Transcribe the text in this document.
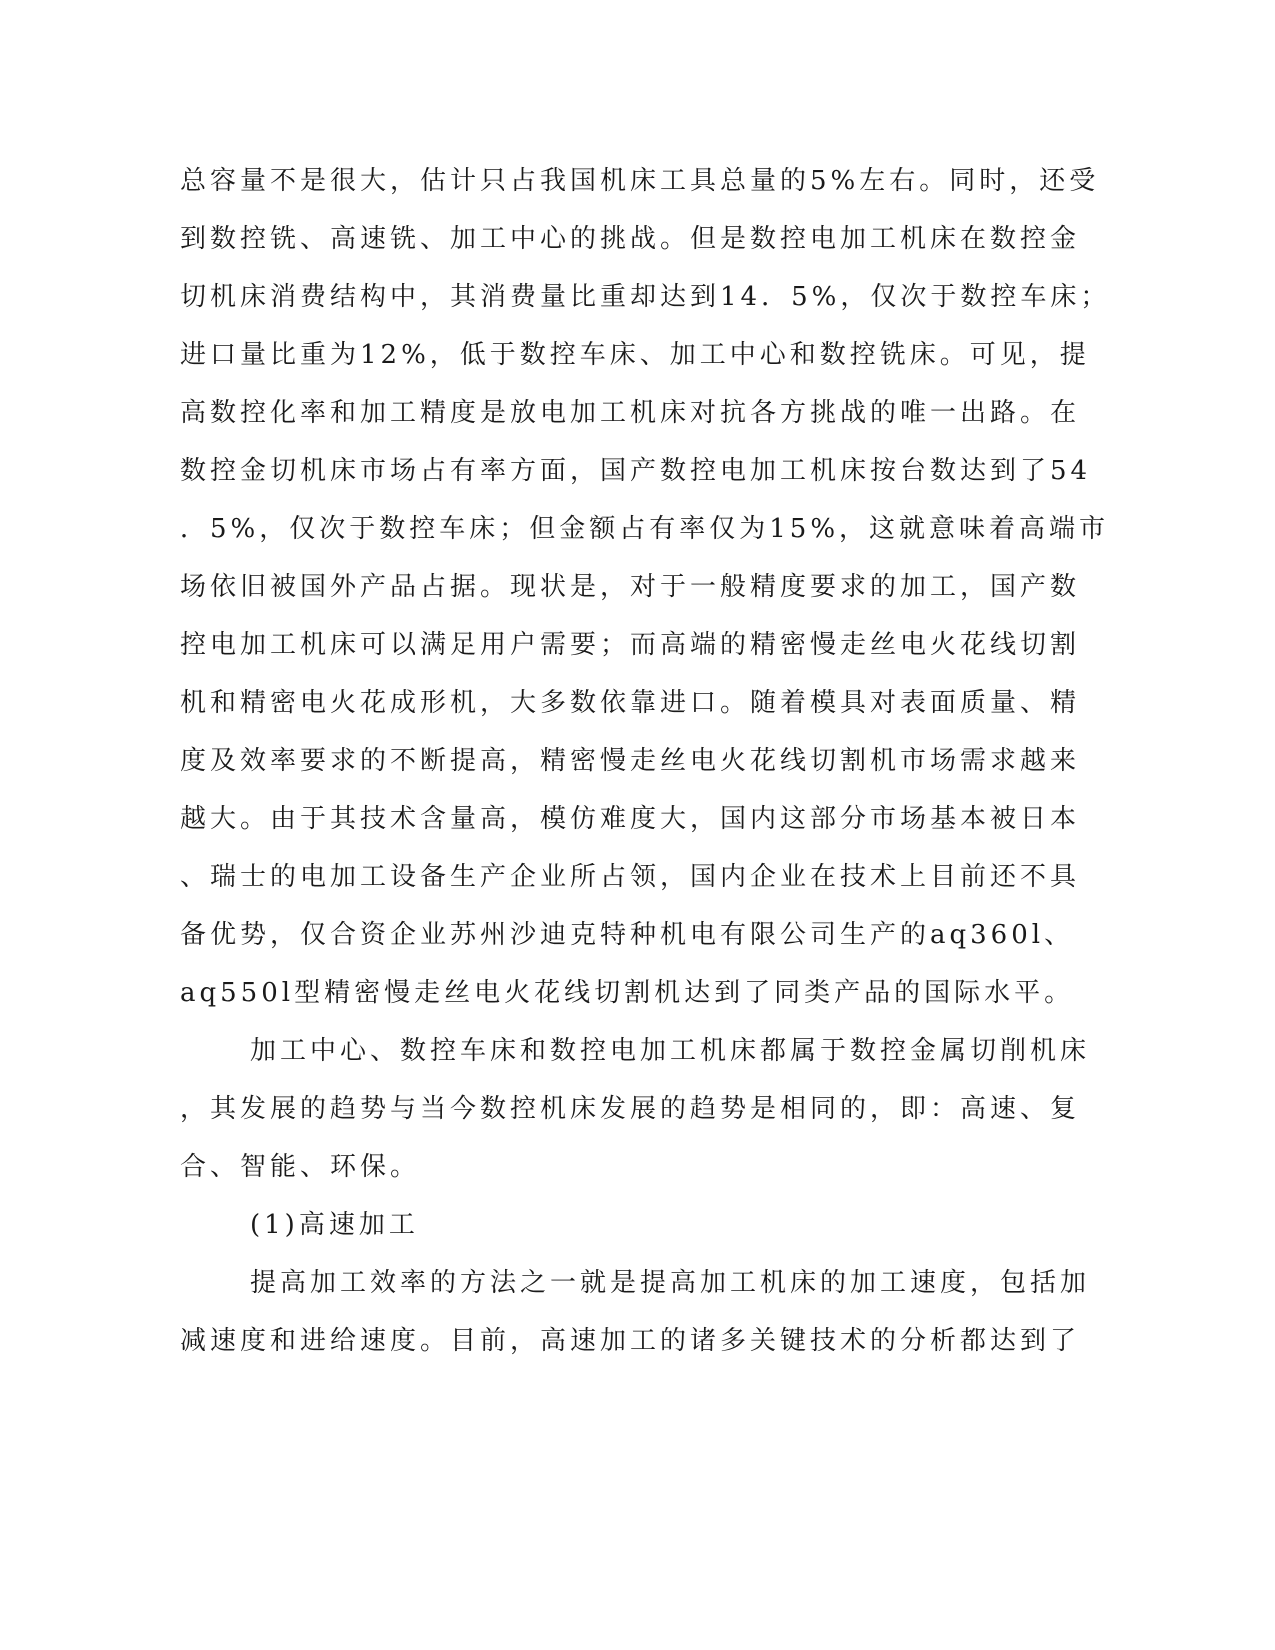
总容量不是很大，估计只占我国机床工具总量的5%左右。同时，还受
到数控铣、高速铣、加工中心的挑战。但是数控电加工机床在数控金
切机床消费结构中，其消费量比重却达到14．5%，仅次于数控车床；
进口量比重为12%，低于数控车床、加工中心和数控铣床。可见，提
高数控化率和加工精度是放电加工机床对抗各方挑战的唯一出路。在
数控金切机床市场占有率方面，国产数控电加工机床按台数达到了54
．5%，仅次于数控车床；但金额占有率仅为15%，这就意味着高端市
场依旧被国外产品占据。现状是，对于一般精度要求的加工，国产数
控电加工机床可以满足用户需要；而高端的精密慢走丝电火花线切割
机和精密电火花成形机，大多数依靠进口。随着模具对表面质量、精
度及效率要求的不断提高，精密慢走丝电火花线切割机市场需求越来
越大。由于其技术含量高，模仿难度大，国内这部分市场基本被日本
、瑞士的电加工设备生产企业所占领，国内企业在技术上目前还不具
备优势，仅合资企业苏州沙迪克特种机电有限公司生产的aq360l、
aq550l型精密慢走丝电火花线切割机达到了同类产品的国际水平。
加工中心、数控车床和数控电加工机床都属于数控金属切削机床
，其发展的趋势与当今数控机床发展的趋势是相同的，即：高速、复
合、智能、环保。
(1)高速加工
提高加工效率的方法之一就是提高加工机床的加工速度，包括加
减速度和进给速度。目前，高速加工的诸多关键技术的分析都达到了
